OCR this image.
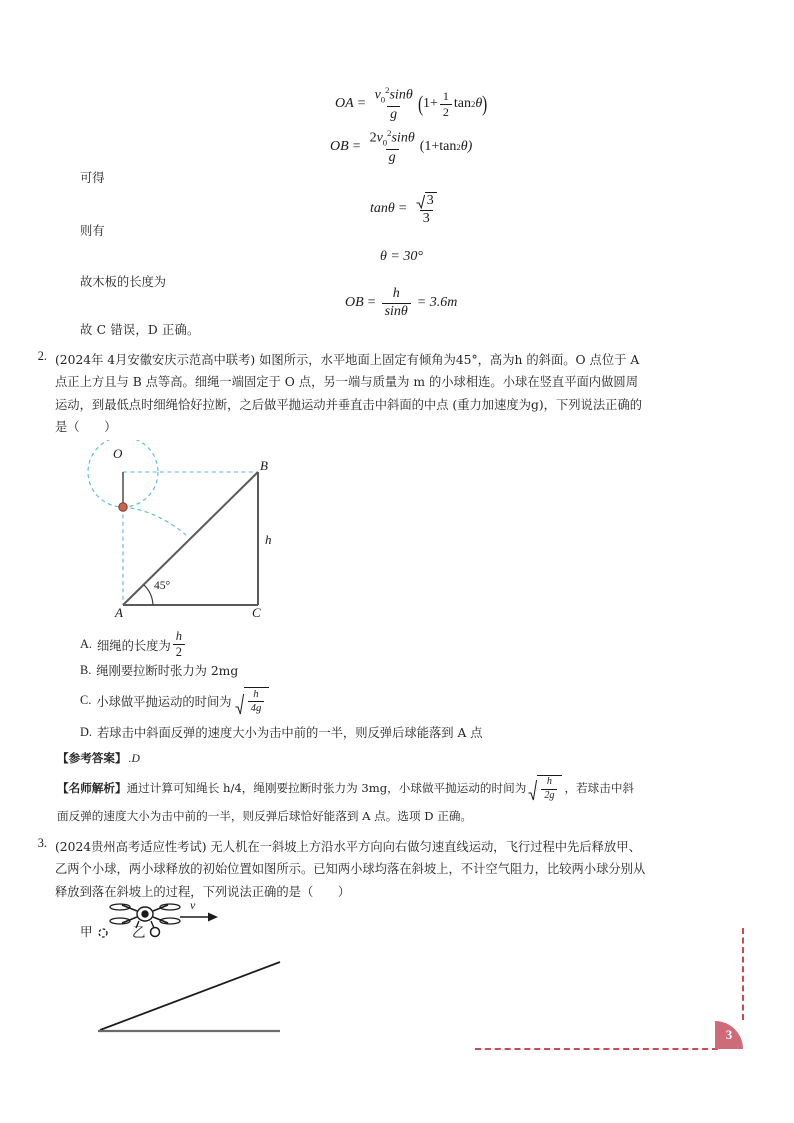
OA = $\frac{v_0^2\sin\theta}{g}$ ( $1+ \frac{1}{2}$ tan 2 θ )
OB = $\frac{2v_0^2\sin\theta}{g} (1+\tan$ 2 θ)
可得
$\tan\theta = \frac{3}{3}$
则有
θ = 30°
故木板的长度为
OB = $\frac{h}{\sin\theta} = 3.6m$
故 C 错误，D 正确。
2. (2024年 4月安徽安庆示范高中联考) 如图所示，水平地面上固定有倾角为45°，高为h 的斜面。O 点位于 A
点正上方且与 B 点等高。细绳一端固定于 O 点，另一端与质量为 m 的小球相连。小球在竖直平面内做圆周
运动，到最低点时细绳恰好拉断，之后做平抛运动并垂直击中斜面的中点 (重力加速度为g)，下列说法正确的
是（　　）
O
B
A	C
h
45°
A. 细绳的长度为 $\frac{h}{2}$
B. 绳刚要拉断时张力为 2mg
C. 小球做平抛运动的时间为 $\frac{h}{4g}$
D. 若球击中斜面反弹的速度大小为击中前的一半，则反弹后球能落到 A 点
【参考答案】 .D
【名师解析】 通过计算可知绳长 h/4，绳刚要拉断时张力为 3mg，小球做平抛运动的时间为 $\frac{h}{2g}$ ，若球击中斜
面反弹的速度大小为击中前的一半，则反弹后球恰好能落到 A 点。选项 D 正确。
3. (2024贵州高考适应性考试) 无人机在一斜坡上方沿水平方向向右做匀速直线运动，飞行过程中先后释放甲、
乙两个小球，两小球释放的初始位置如图所示。已知两小球均落在斜坡上，不计空气阻力，比较两小球分别从
释放到落在斜坡上的过程，下列说法正确的是（　　）
甲	乙
v
3
